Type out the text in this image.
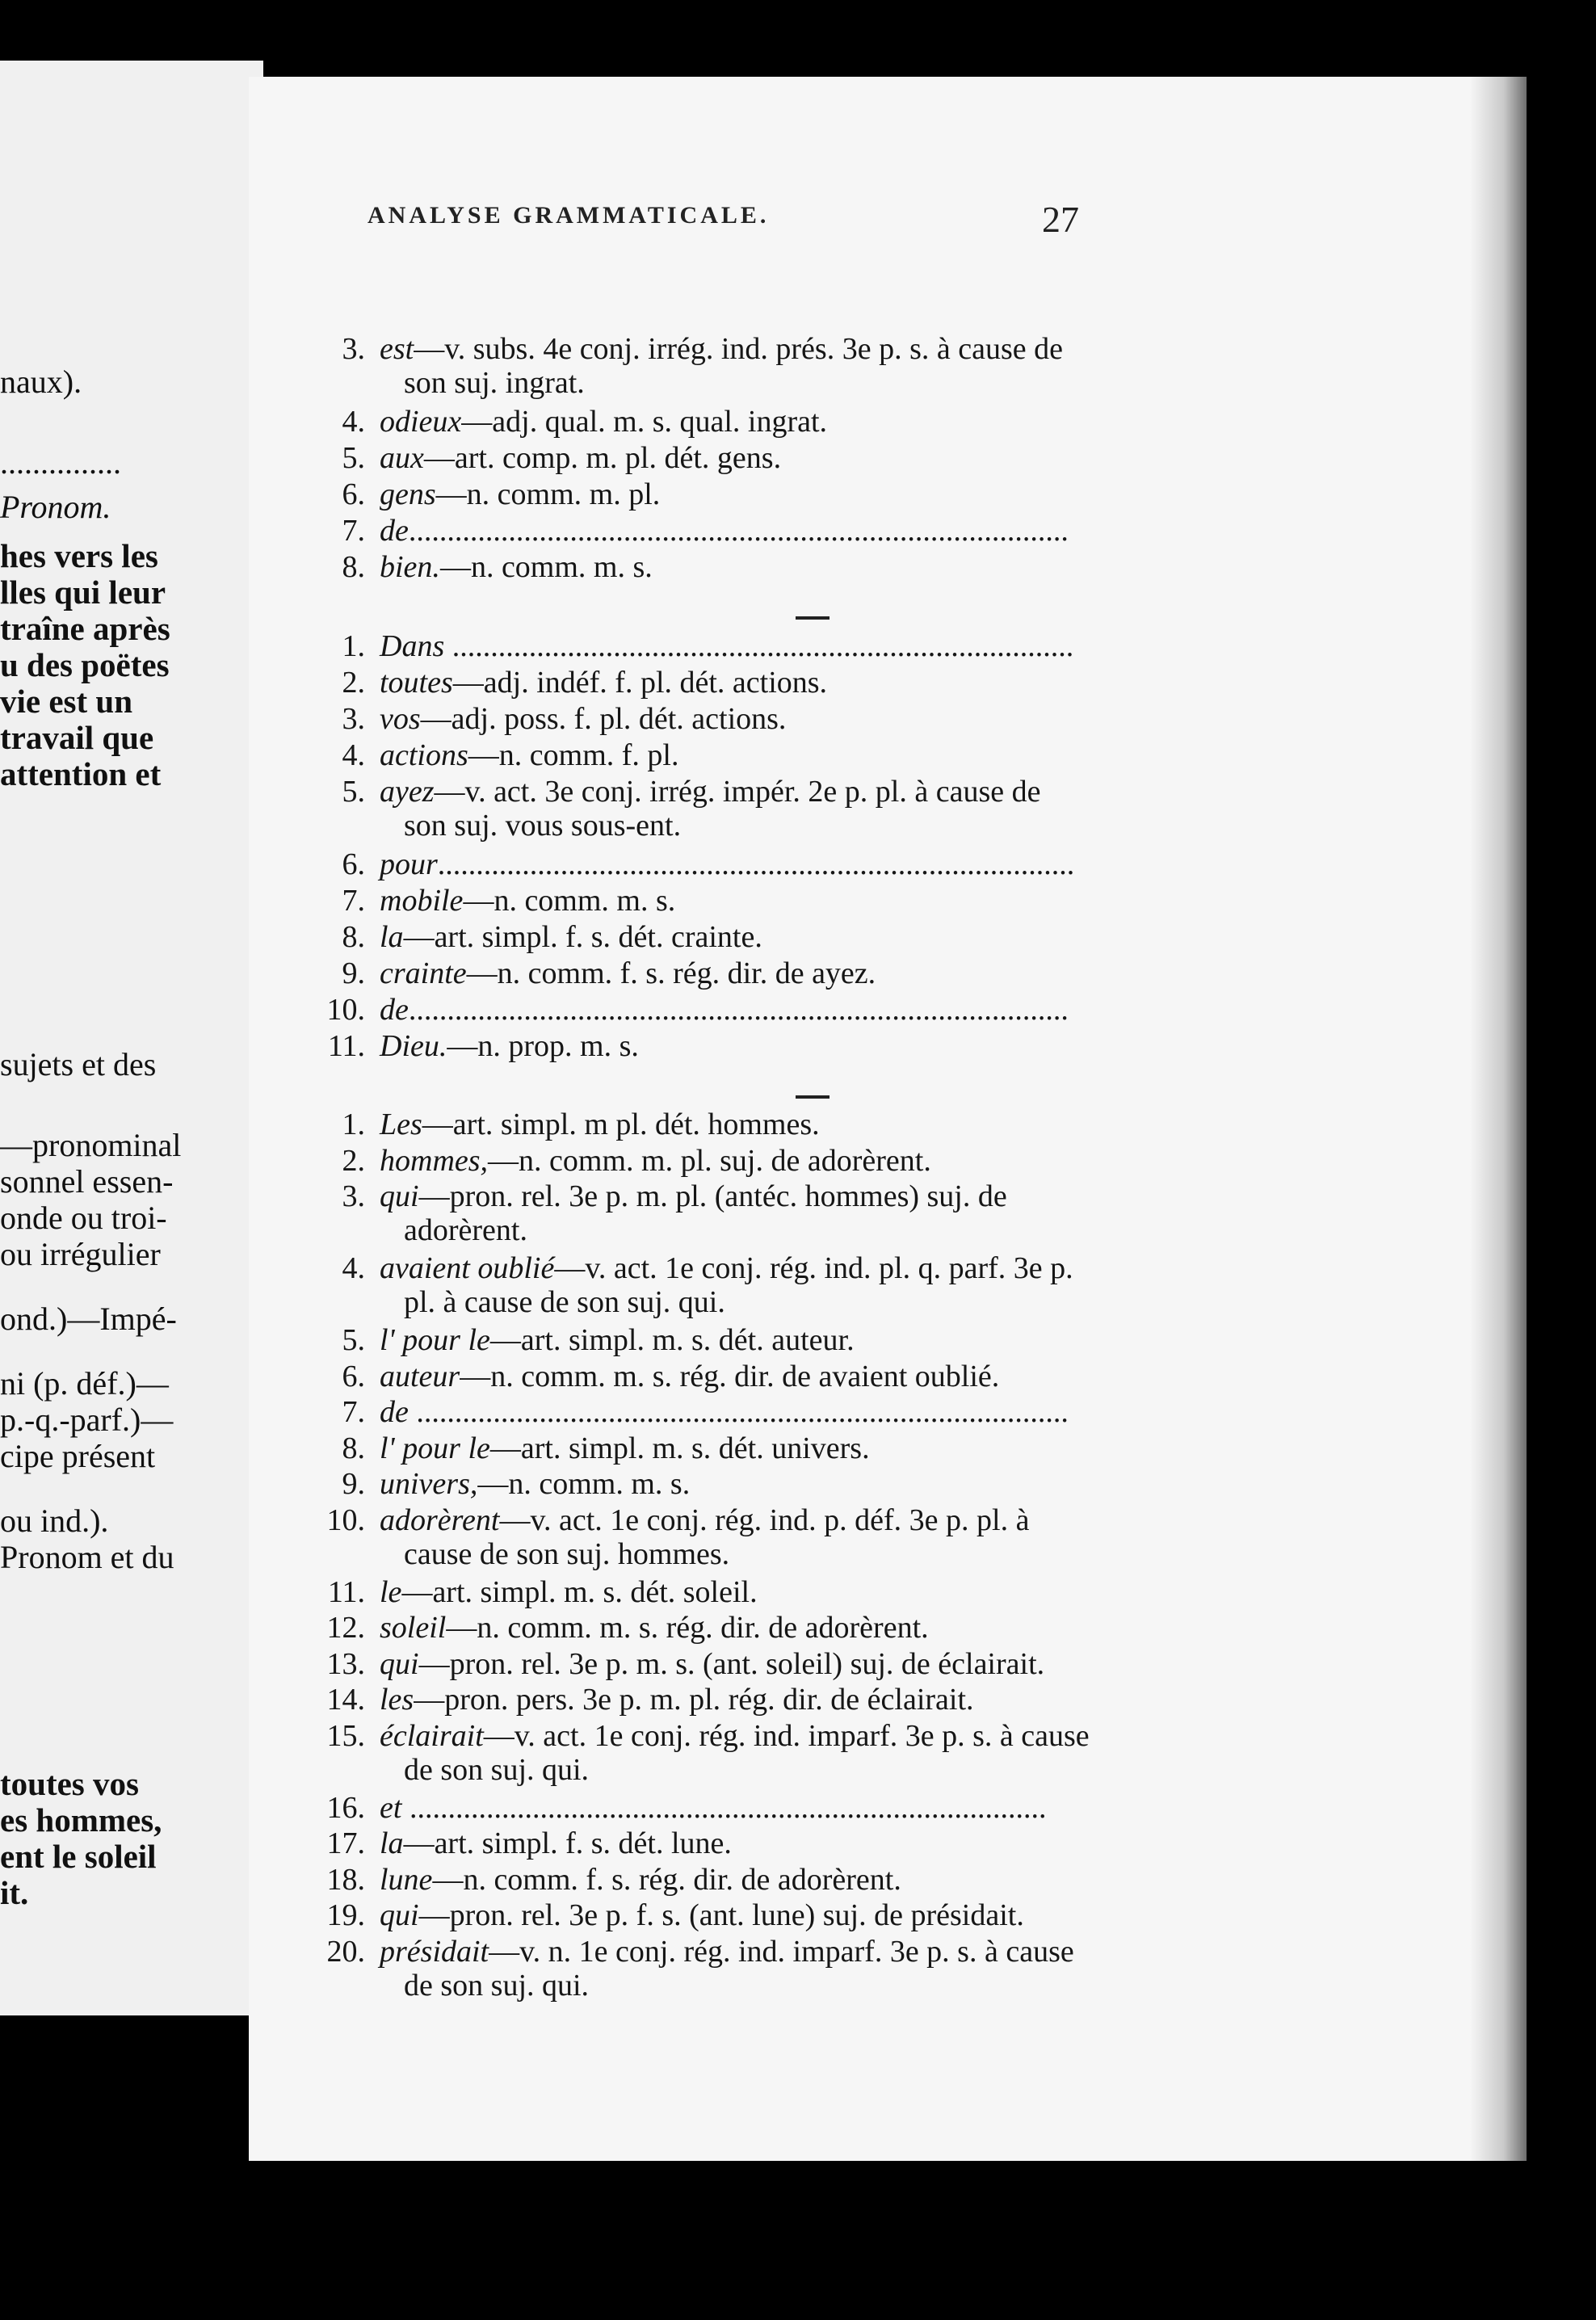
naux).
...............
Pronom.
hes vers les
lles qui leur
traîne après
u des poëtes
vie est un
travail que
attention et
sujets et des
—pronominal
sonnel essen-
onde ou troi-
ou irrégulier
ond.)—Impé-
ni (p. déf.)—
p.-q.-parf.)—
cipe présent
ou ind.).
Pronom et du
toutes vos
es hommes,
ent le soleil
it.
ANALYSE GRAMMATICALE.	27
3. est—v. subs. 4e conj. irrég. ind. prés. 3e p. s. à cause de
son suj. ingrat.
4. odieux—adj. qual. m. s. qual. ingrat.
5. aux—art. comp. m. pl. dét. gens.
6. gens—n. comm. m. pl.
7. de......................................................................................
8. bien.—n. comm. m. s.
1. Dans .................................................................................
2. toutes—adj. indéf. f. pl. dét. actions.
3. vos—adj. poss. f. pl. dét. actions.
4. actions—n. comm. f. pl.
5. ayez—v. act. 3e conj. irrég. impér. 2e p. pl. à cause de
son suj. vous sous-ent.
6. pour...................................................................................
7. mobile—n. comm. m. s.
8. la—art. simpl. f. s. dét. crainte.
9. crainte—n. comm. f. s. rég. dir. de ayez.
10. de......................................................................................
11. Dieu.—n. prop. m. s.
1. Les—art. simpl. m pl. dét. hommes.
2. hommes,—n. comm. m. pl. suj. de adorèrent.
3. qui—pron. rel. 3e p. m. pl. (antéc. hommes) suj. de
adorèrent.
4. avaient oublié—v. act. 1e conj. rég. ind. pl. q. parf. 3e p.
pl. à cause de son suj. qui.
5. l' pour le—art. simpl. m. s. dét. auteur.
6. auteur—n. comm. m. s. rég. dir. de avaient oublié.
7. de .....................................................................................
8. l' pour le—art. simpl. m. s. dét. univers.
9. univers,—n. comm. m. s.
10. adorèrent—v. act. 1e conj. rég. ind. p. déf. 3e p. pl. à
cause de son suj. hommes.
11. le—art. simpl. m. s. dét. soleil.
12. soleil—n. comm. m. s. rég. dir. de adorèrent.
13. qui—pron. rel. 3e p. m. s. (ant. soleil) suj. de éclairait.
14. les—pron. pers. 3e p. m. pl. rég. dir. de éclairait.
15. éclairait—v. act. 1e conj. rég. ind. imparf. 3e p. s. à cause
de son suj. qui.
16. et ...................................................................................
17. la—art. simpl. f. s. dét. lune.
18. lune—n. comm. f. s. rég. dir. de adorèrent.
19. qui—pron. rel. 3e p. f. s. (ant. lune) suj. de présidait.
20. présidait—v. n. 1e conj. rég. ind. imparf. 3e p. s. à cause
de son suj. qui.
